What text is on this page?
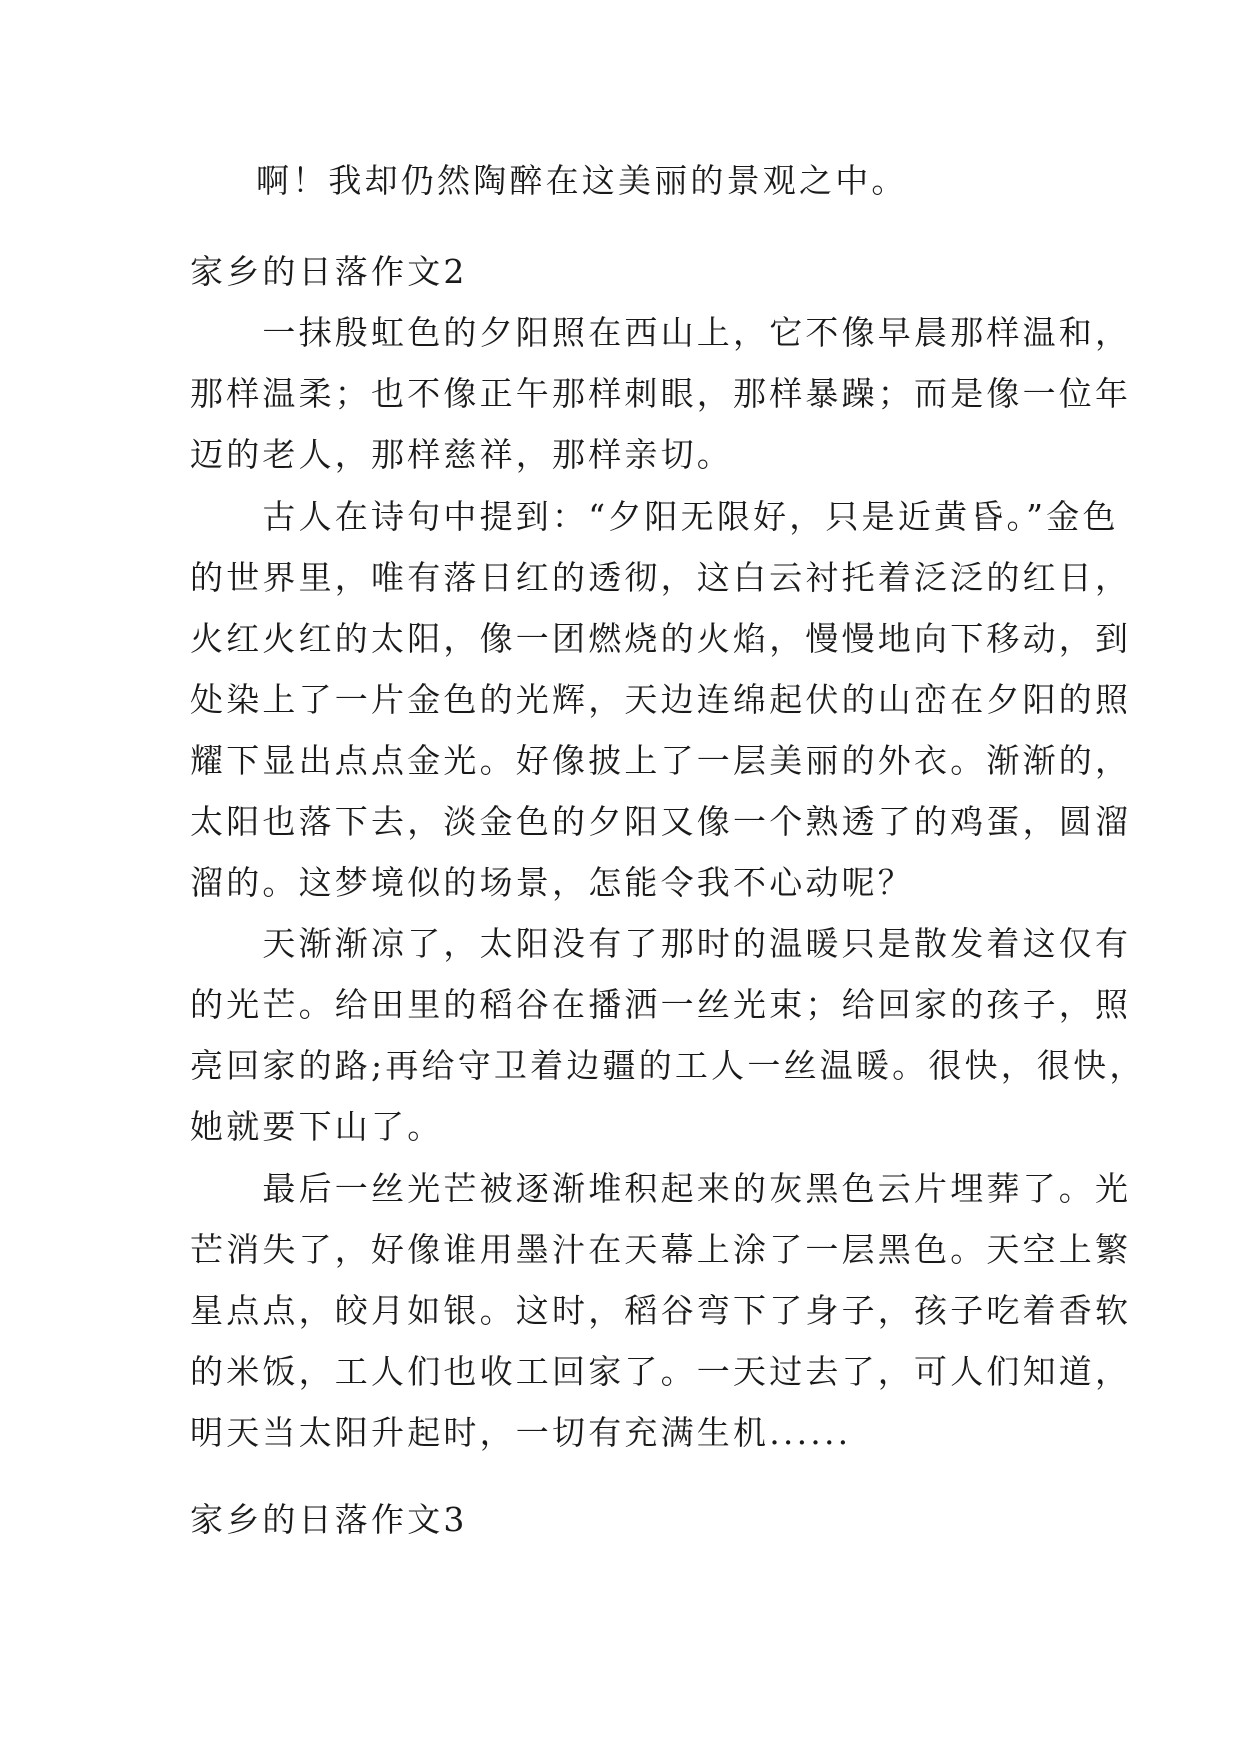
啊！我却仍然陶醉在这美丽的景观之中。
家乡的日落作文2
　　一抹殷虹色的夕阳照在西山上，它不像早晨那样温和，
那样温柔；也不像正午那样刺眼，那样暴躁；而是像一位年
迈的老人，那样慈祥，那样亲切。
　　古人在诗句中提到：“夕阳无限好，只是近黄昏。”金色
的世界里，唯有落日红的透彻，这白云衬托着泛泛的红日，
火红火红的太阳，像一团燃烧的火焰，慢慢地向下移动，到
处染上了一片金色的光辉，天边连绵起伏的山峦在夕阳的照
耀下显出点点金光。好像披上了一层美丽的外衣。渐渐的，
太阳也落下去，淡金色的夕阳又像一个熟透了的鸡蛋，圆溜
溜的。这梦境似的场景，怎能令我不心动呢？
　　天渐渐凉了，太阳没有了那时的温暖只是散发着这仅有
的光芒。给田里的稻谷在播洒一丝光束；给回家的孩子，照
亮回家的路;再给守卫着边疆的工人一丝温暖。很快，很快，
她就要下山了。
　　最后一丝光芒被逐渐堆积起来的灰黑色云片埋葬了。光
芒消失了，好像谁用墨汁在天幕上涂了一层黑色。天空上繁
星点点，皎月如银。这时，稻谷弯下了身子，孩子吃着香软
的米饭，工人们也收工回家了。一天过去了，可人们知道，
明天当太阳升起时，一切有充满生机......
家乡的日落作文3
